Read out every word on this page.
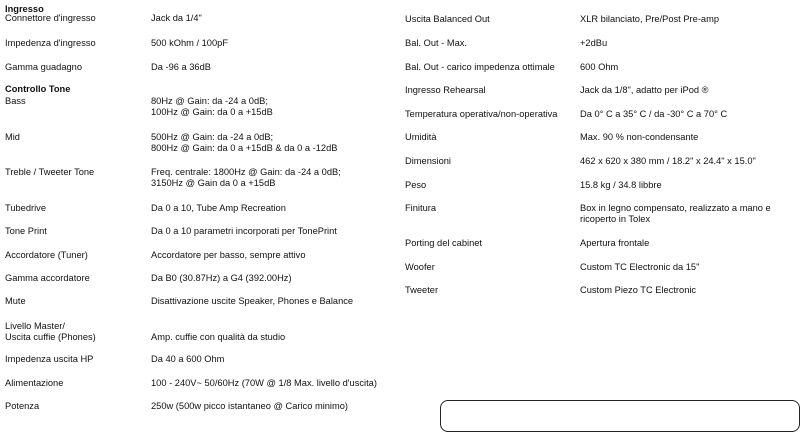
Ingresso
Connettore d'ingresso	Jack da 1/4"
Impedenza d'ingresso	500 kOhm / 100pF
Gamma guadagno	Da -96 a 36dB
Controllo Tone
Bass	80Hz @ Gain: da -24 a 0dB;
100Hz @ Gain: da 0 a +15dB
Mid	500Hz @ Gain: da -24 a 0dB;
800Hz @ Gain: da 0 a +15dB & da 0 a -12dB
Treble / Tweeter Tone	Freq. centrale: 1800Hz @ Gain: da -24 a 0dB;
3150Hz @ Gain da 0 a +15dB
Tubedrive	Da 0 a 10, Tube Amp Recreation
Tone Print	Da 0 a 10 parametri incorporati per TonePrint
Accordatore (Tuner)	Accordatore per basso, sempre attivo
Gamma accordatore	Da B0 (30.87Hz) a G4 (392.00Hz)
Mute	Disattivazione uscite Speaker, Phones e Balance
Livello Master/
Uscita cuffie (Phones)	Amp. cuffie con qualità da studio
Impedenza uscita HP	Da 40 a 600 Ohm
Alimentazione	100 - 240V~ 50/60Hz (70W @ 1/8 Max. livello d'uscita)
Potenza	250w (500w picco istantaneo @ Carico minimo)
Uscita Balanced Out	XLR bilanciato, Pre/Post Pre-amp
Bal. Out - Max.	+2dBu
Bal. Out - carico impedenza ottimale	600 Ohm
Ingresso Rehearsal	Jack da 1/8", adatto per iPod ®
Temperatura operativa/non-operativa Da 0° C a 35° C / da -30° C a 70° C
Umidità	Max. 90 % non-condensante
Dimensioni	462 x 620 x 380 mm / 18.2" x 24.4" x 15.0"
Peso	15.8 kg / 34.8 libbre
Finitura	Box in legno compensato, realizzato a mano e
ricoperto in Tolex
Porting del cabinet	Apertura frontale
Woofer	Custom TC Electronic da 15"
Tweeter	Custom Piezo TC Electronic
